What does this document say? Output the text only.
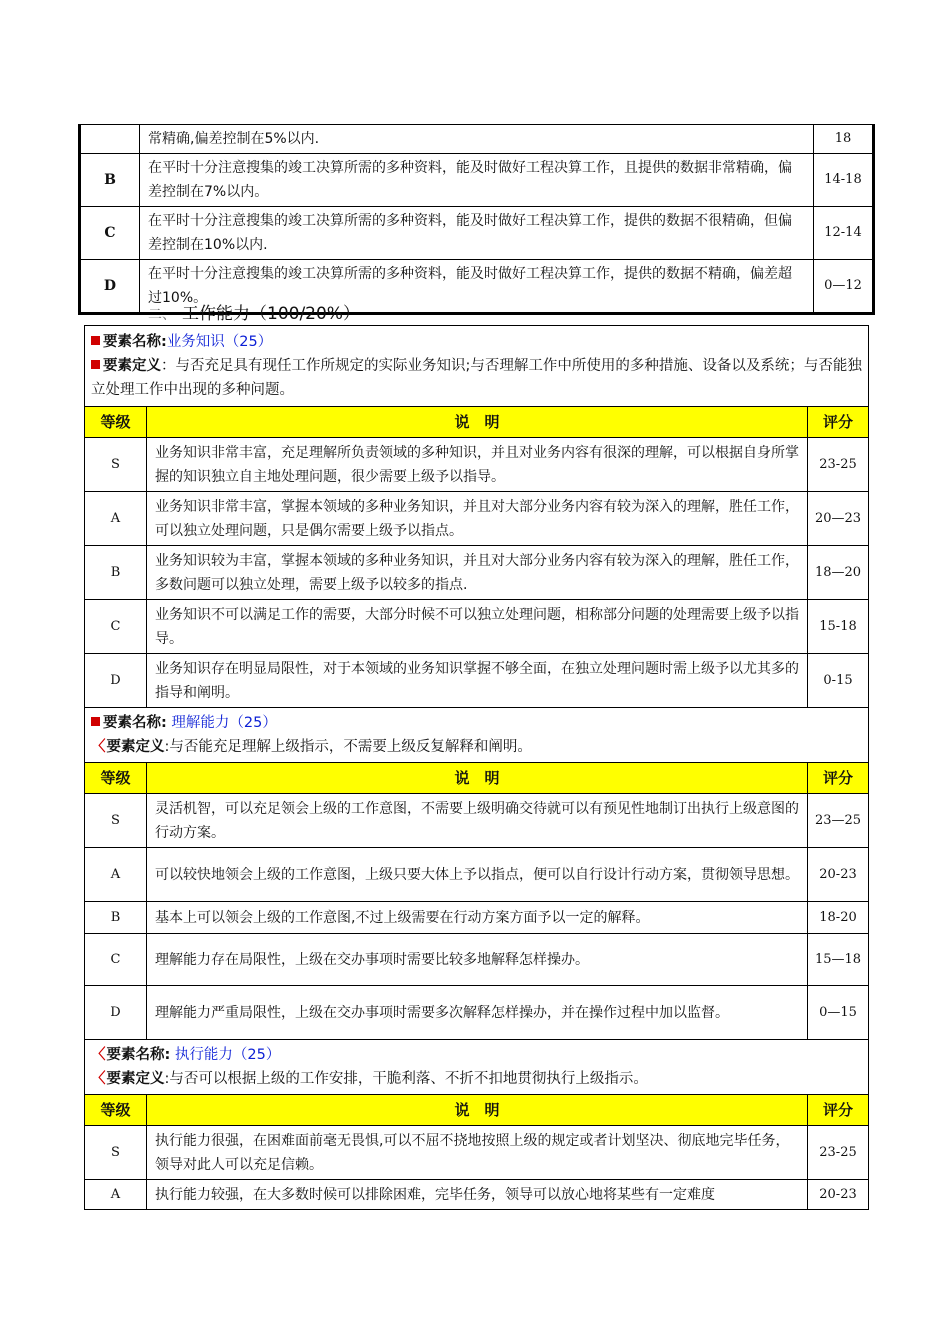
	常精确,偏差控制在5%以内.	18
B	在平时十分注意搜集的竣工决算所需的多种资料，能及时做好工程决算工作，且提供的数据非常精确，偏差控制在7%以内。	14-18
C	在平时十分注意搜集的竣工决算所需的多种资料，能及时做好工程决算工作，提供的数据不很精确，但偏差控制在10%以内.	12-14
D	在平时十分注意搜集的竣工决算所需的多种资料，能及时做好工程决算工作，提供的数据不精确，偏差超过10%。	0—12
二、 工作能力（100/20%）
要素名称:业务知识（25）
要素定义：与否充足具有现任工作所规定的实际业务知识;与否理解工作中所使用的多种措施、设备以及系统；与否能独立处理工作中出现的多种问题。		

等级	说　明	评分
S	业务知识非常丰富，充足理解所负责领域的多种知识，并且对业务内容有很深的理解，可以根据自身所掌握的知识独立自主地处理问题，很少需要上级予以指导。	23-25
A	业务知识非常丰富，掌握本领域的多种业务知识，并且对大部分业务内容有较为深入的理解，胜任工作，可以独立处理问题，只是偶尔需要上级予以指点。	20—23
B	业务知识较为丰富，掌握本领域的多种业务知识，并且对大部分业务内容有较为深入的理解，胜任工作，多数问题可以独立处理，需要上级予以较多的指点.	18—20
C	业务知识不可以满足工作的需要，大部分时候不可以独立处理问题，相称部分问题的处理需要上级予以指导。	15-18
D	业务知识存在明显局限性，对于本领域的业务知识掌握不够全面，在独立处理问题时需上级予以尤其多的指导和阐明。	0-15

要素名称: 理解能力（25）
〈要素定义:与否能充足理解上级指示，不需要上级反复解释和阐明。		

等级	说　明	评分
S	灵活机智，可以充足领会上级的工作意图，不需要上级明确交待就可以有预见性地制订出执行上级意图的行动方案。	23—25
A	可以较快地领会上级的工作意图，上级只要大体上予以指点，便可以自行设计行动方案，贯彻领导思想。	20-23
B	基本上可以领会上级的工作意图,不过上级需要在行动方案方面予以一定的解释。	18-20
C	理解能力存在局限性，上级在交办事项时需要比较多地解释怎样操办。	15—18
D	理解能力严重局限性，上级在交办事项时需要多次解释怎样操办，并在操作过程中加以监督。	0—15

〈要素名称: 执行能力（25）
〈要素定义:与否可以根据上级的工作安排，干脆利落、不折不扣地贯彻执行上级指示。		

等级	说　明	评分
S	执行能力很强，在困难面前毫无畏惧,可以不屈不挠地按照上级的规定或者计划坚决、彻底地完毕任务，领导对此人可以充足信赖。	23-25
A	执行能力较强，在大多数时候可以排除困难，完毕任务，领导可以放心地将某些有一定难度	20-23
